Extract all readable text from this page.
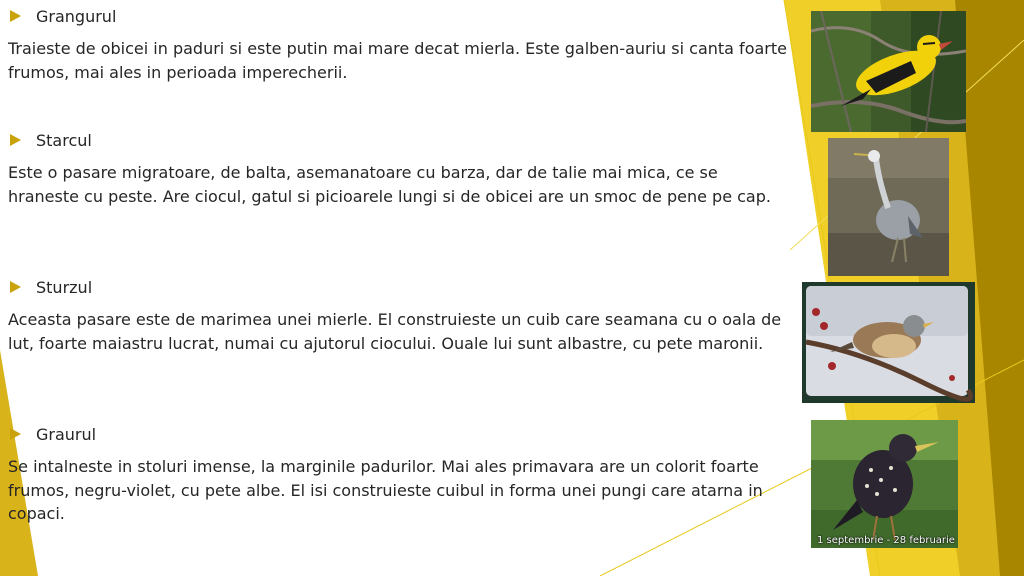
Grangurul
Traieste de obicei in paduri si este putin mai mare decat mierla. Este galben-auriu si canta foarte frumos, mai ales in perioada imperecherii.
Starcul
Este o pasare migratoare, de balta, asemanatoare cu barza, dar de talie mai mica, ce se hraneste cu peste. Are ciocul, gatul si picioarele lungi si de obicei are un smoc de pene pe cap.
Sturzul
Aceasta pasare este de marimea unei mierle. El construieste un cuib care seamana cu o oala de lut, foarte maiastru lucrat, numai cu ajutorul ciocului. Ouale lui sunt albastre, cu pete maronii.
Graurul
Se intalneste in stoluri imense, la marginile padurilor. Mai ales primavara are un colorit foarte frumos, negru-violet, cu pete albe. El isi construieste cuibul in forma unei pungi care atarna in copaci.
1 septembrie - 28 februarie
